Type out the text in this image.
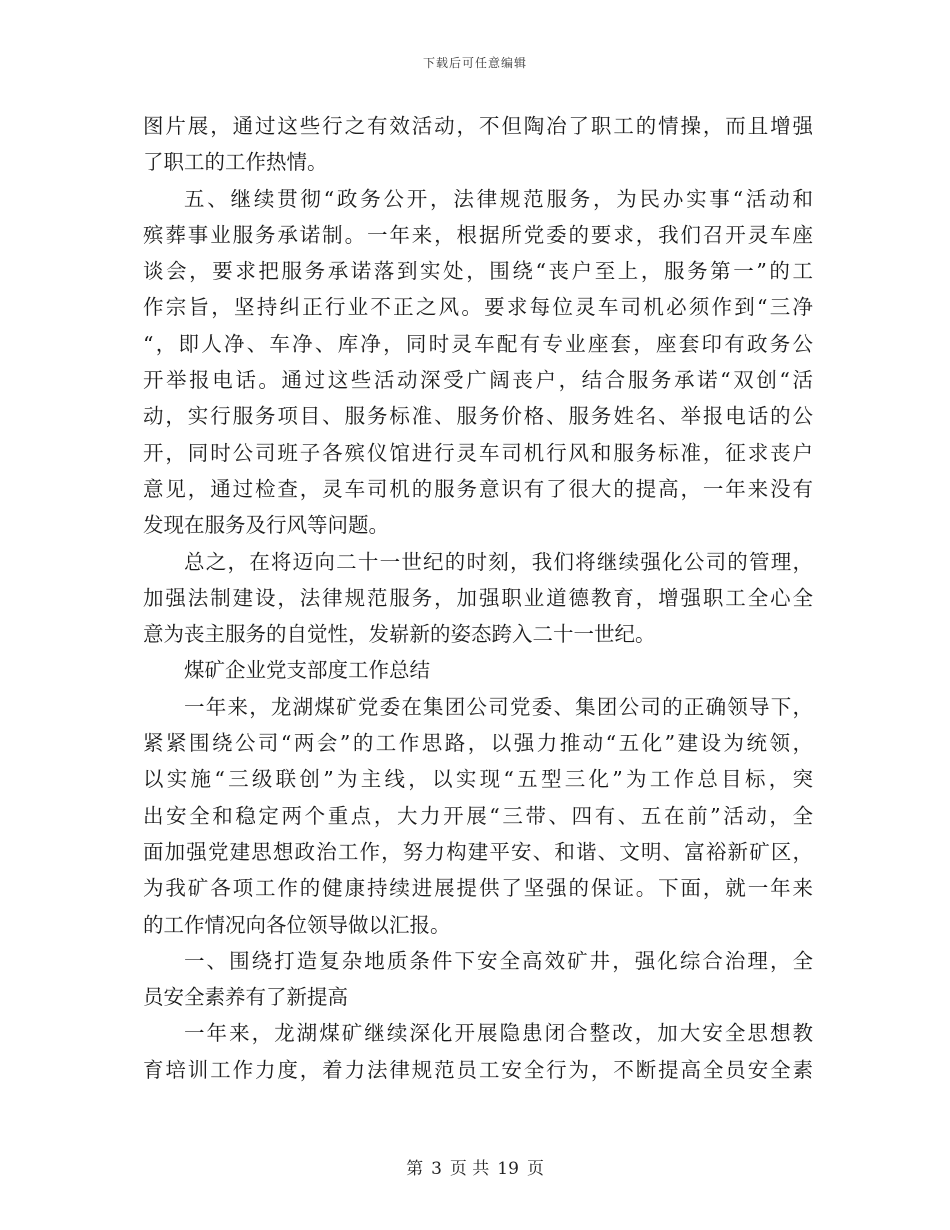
下载后可任意编辑
图片展，通过这些行之有效活动，不但陶冶了职工的情操，而且增强
了职工的工作热情。
五、继续贯彻“政务公开，法律规范服务，为民办实事“活动和
殡葬事业服务承诺制。一年来，根据所党委的要求，我们召开灵车座
谈会，要求把服务承诺落到实处，围绕“丧户至上，服务第一”的工
作宗旨，坚持纠正行业不正之风。要求每位灵车司机必须作到“三净
“，即人净、车净、库净，同时灵车配有专业座套，座套印有政务公
开举报电话。通过这些活动深受广阔丧户，结合服务承诺“双创“活
动，实行服务项目、服务标准、服务价格、服务姓名、举报电话的公
开，同时公司班子各殡仪馆进行灵车司机行风和服务标准，征求丧户
意见，通过检查，灵车司机的服务意识有了很大的提高，一年来没有
发现在服务及行风等问题。
总之，在将迈向二十一世纪的时刻，我们将继续强化公司的管理，
加强法制建设，法律规范服务，加强职业道德教育，增强职工全心全
意为丧主服务的自觉性，发崭新的姿态跨入二十一世纪。
煤矿企业党支部度工作总结
一年来，龙湖煤矿党委在集团公司党委、集团公司的正确领导下，
紧紧围绕公司“两会”的工作思路，以强力推动“五化”建设为统领，
以实施“三级联创”为主线，以实现“五型三化”为工作总目标，突
出安全和稳定两个重点，大力开展“三带、四有、五在前”活动，全
面加强党建思想政治工作，努力构建平安、和谐、文明、富裕新矿区，
为我矿各项工作的健康持续进展提供了坚强的保证。下面，就一年来
的工作情况向各位领导做以汇报。
一、围绕打造复杂地质条件下安全高效矿井，强化综合治理，全
员安全素养有了新提高
一年来，龙湖煤矿继续深化开展隐患闭合整改，加大安全思想教
育培训工作力度，着力法律规范员工安全行为，不断提高全员安全素
第 3 页 共 19 页
